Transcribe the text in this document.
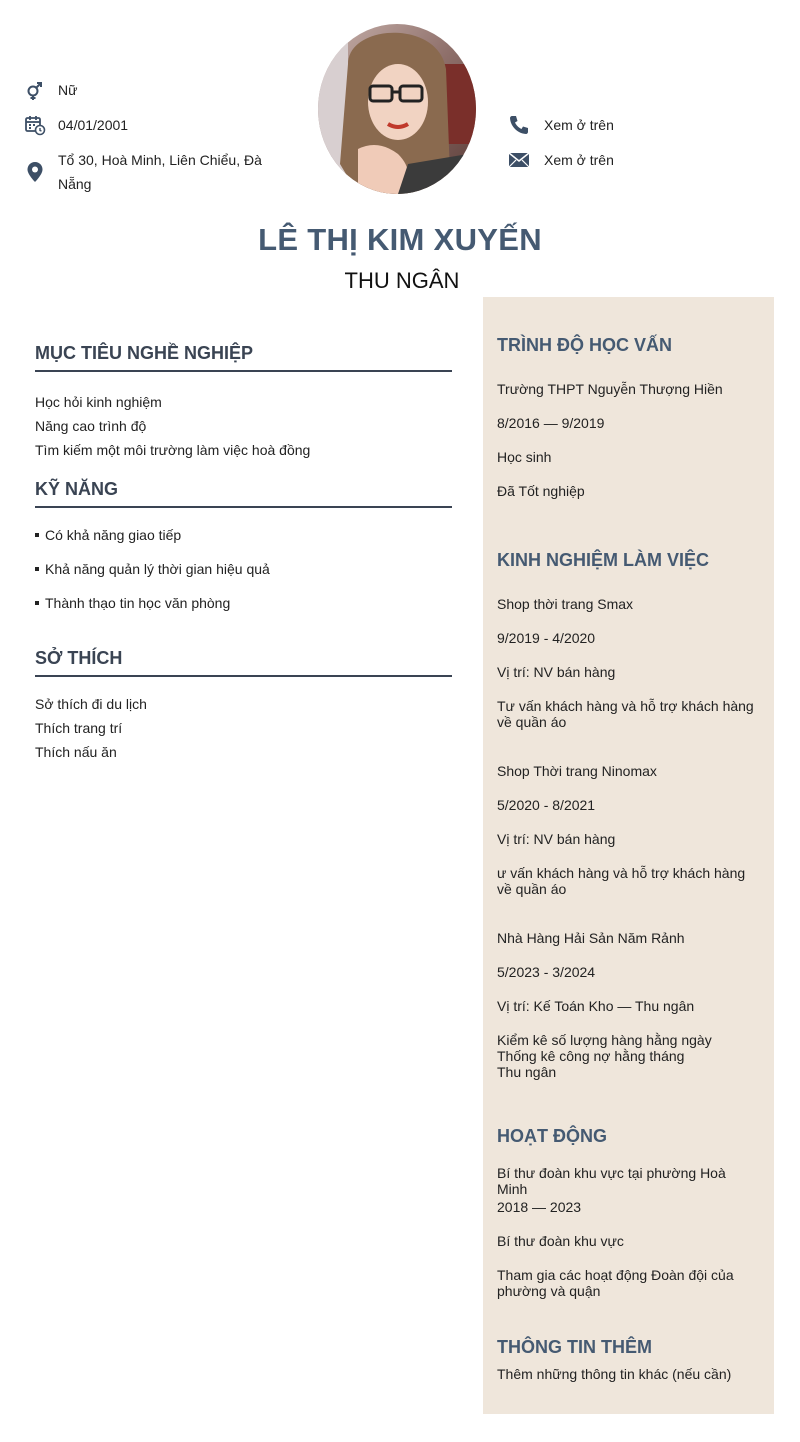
Nữ
04/01/2001
Tổ 30, Hoà Minh, Liên Chiểu, Đà Nẵng
Xem ở trên
Xem ở trên
LÊ THỊ KIM XUYẾN
THU NGÂN
MỤC TIÊU NGHỀ NGHIỆP
Học hỏi kinh nghiệm
Năng cao trình độ
Tìm kiếm một môi trường làm việc hoà đồng
KỸ NĂNG
Có khả năng giao tiếp
Khả năng quản lý thời gian hiệu quả
Thành thạo tin học văn phòng
SỞ THÍCH
Sở thích đi du lịch
Thích trang trí
Thích nấu ăn
TRÌNH ĐỘ HỌC VẤN
Trường THPT Nguyễn Thượng Hiền
8/2016 — 9/2019
Học sinh
Đã Tốt nghiệp
KINH NGHIỆM LÀM VIỆC
Shop thời trang Smax
9/2019 - 4/2020
Vị trí: NV bán hàng
Tư vấn khách hàng và hỗ trợ khách hàng về quần áo
Shop Thời trang Ninomax
5/2020 - 8/2021
Vị trí: NV bán hàng
ư vấn khách hàng và hỗ trợ khách hàng về quần áo
Nhà Hàng Hải Sản Năm Rảnh
5/2023 - 3/2024
Vị trí: Kế Toán Kho — Thu ngân
Kiểm kê số lượng hàng hằng ngày
Thống kê công nợ hằng tháng
Thu ngân
HOẠT ĐỘNG
Bí thư đoàn khu vực tại phường Hoà Minh
2018 — 2023
Bí thư đoàn khu vực
Tham gia các hoạt động Đoàn đội của phường và quận
THÔNG TIN THÊM
Thêm những thông tin khác (nếu cần)
